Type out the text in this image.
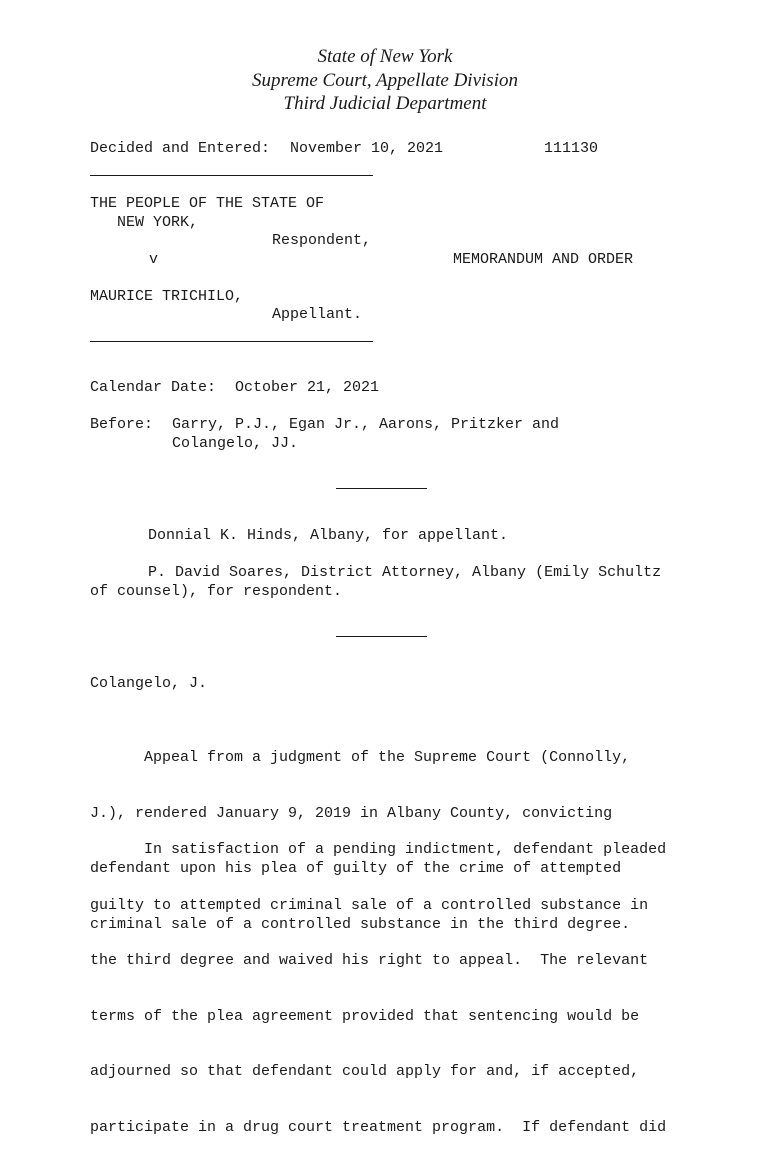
State of New York
Supreme Court, Appellate Division
Third Judicial Department
Decided and Entered: November 10, 2021	111130
THE PEOPLE OF THE STATE OF
NEW YORK,
Respondent,
v	MEMORANDUM AND ORDER
MAURICE TRICHILO,
Appellant.
Calendar Date: October 21, 2021
Before: Garry, P.J., Egan Jr., Aarons, Pritzker and
Colangelo, JJ.
Donnial K. Hinds, Albany, for appellant.
P. David Soares, District Attorney, Albany (Emily Schultz
of counsel), for respondent.
Colangelo, J.

Appeal from a judgment of the Supreme Court (Connolly,

J.), rendered January 9, 2019 in Albany County, convicting

defendant upon his plea of guilty of the crime of attempted

criminal sale of a controlled substance in the third degree.

In satisfaction of a pending indictment, defendant pleaded

guilty to attempted criminal sale of a controlled substance in

the third degree and waived his right to appeal.  The relevant

terms of the plea agreement provided that sentencing would be

adjourned so that defendant could apply for and, if accepted,

participate in a drug court treatment program.  If defendant did
